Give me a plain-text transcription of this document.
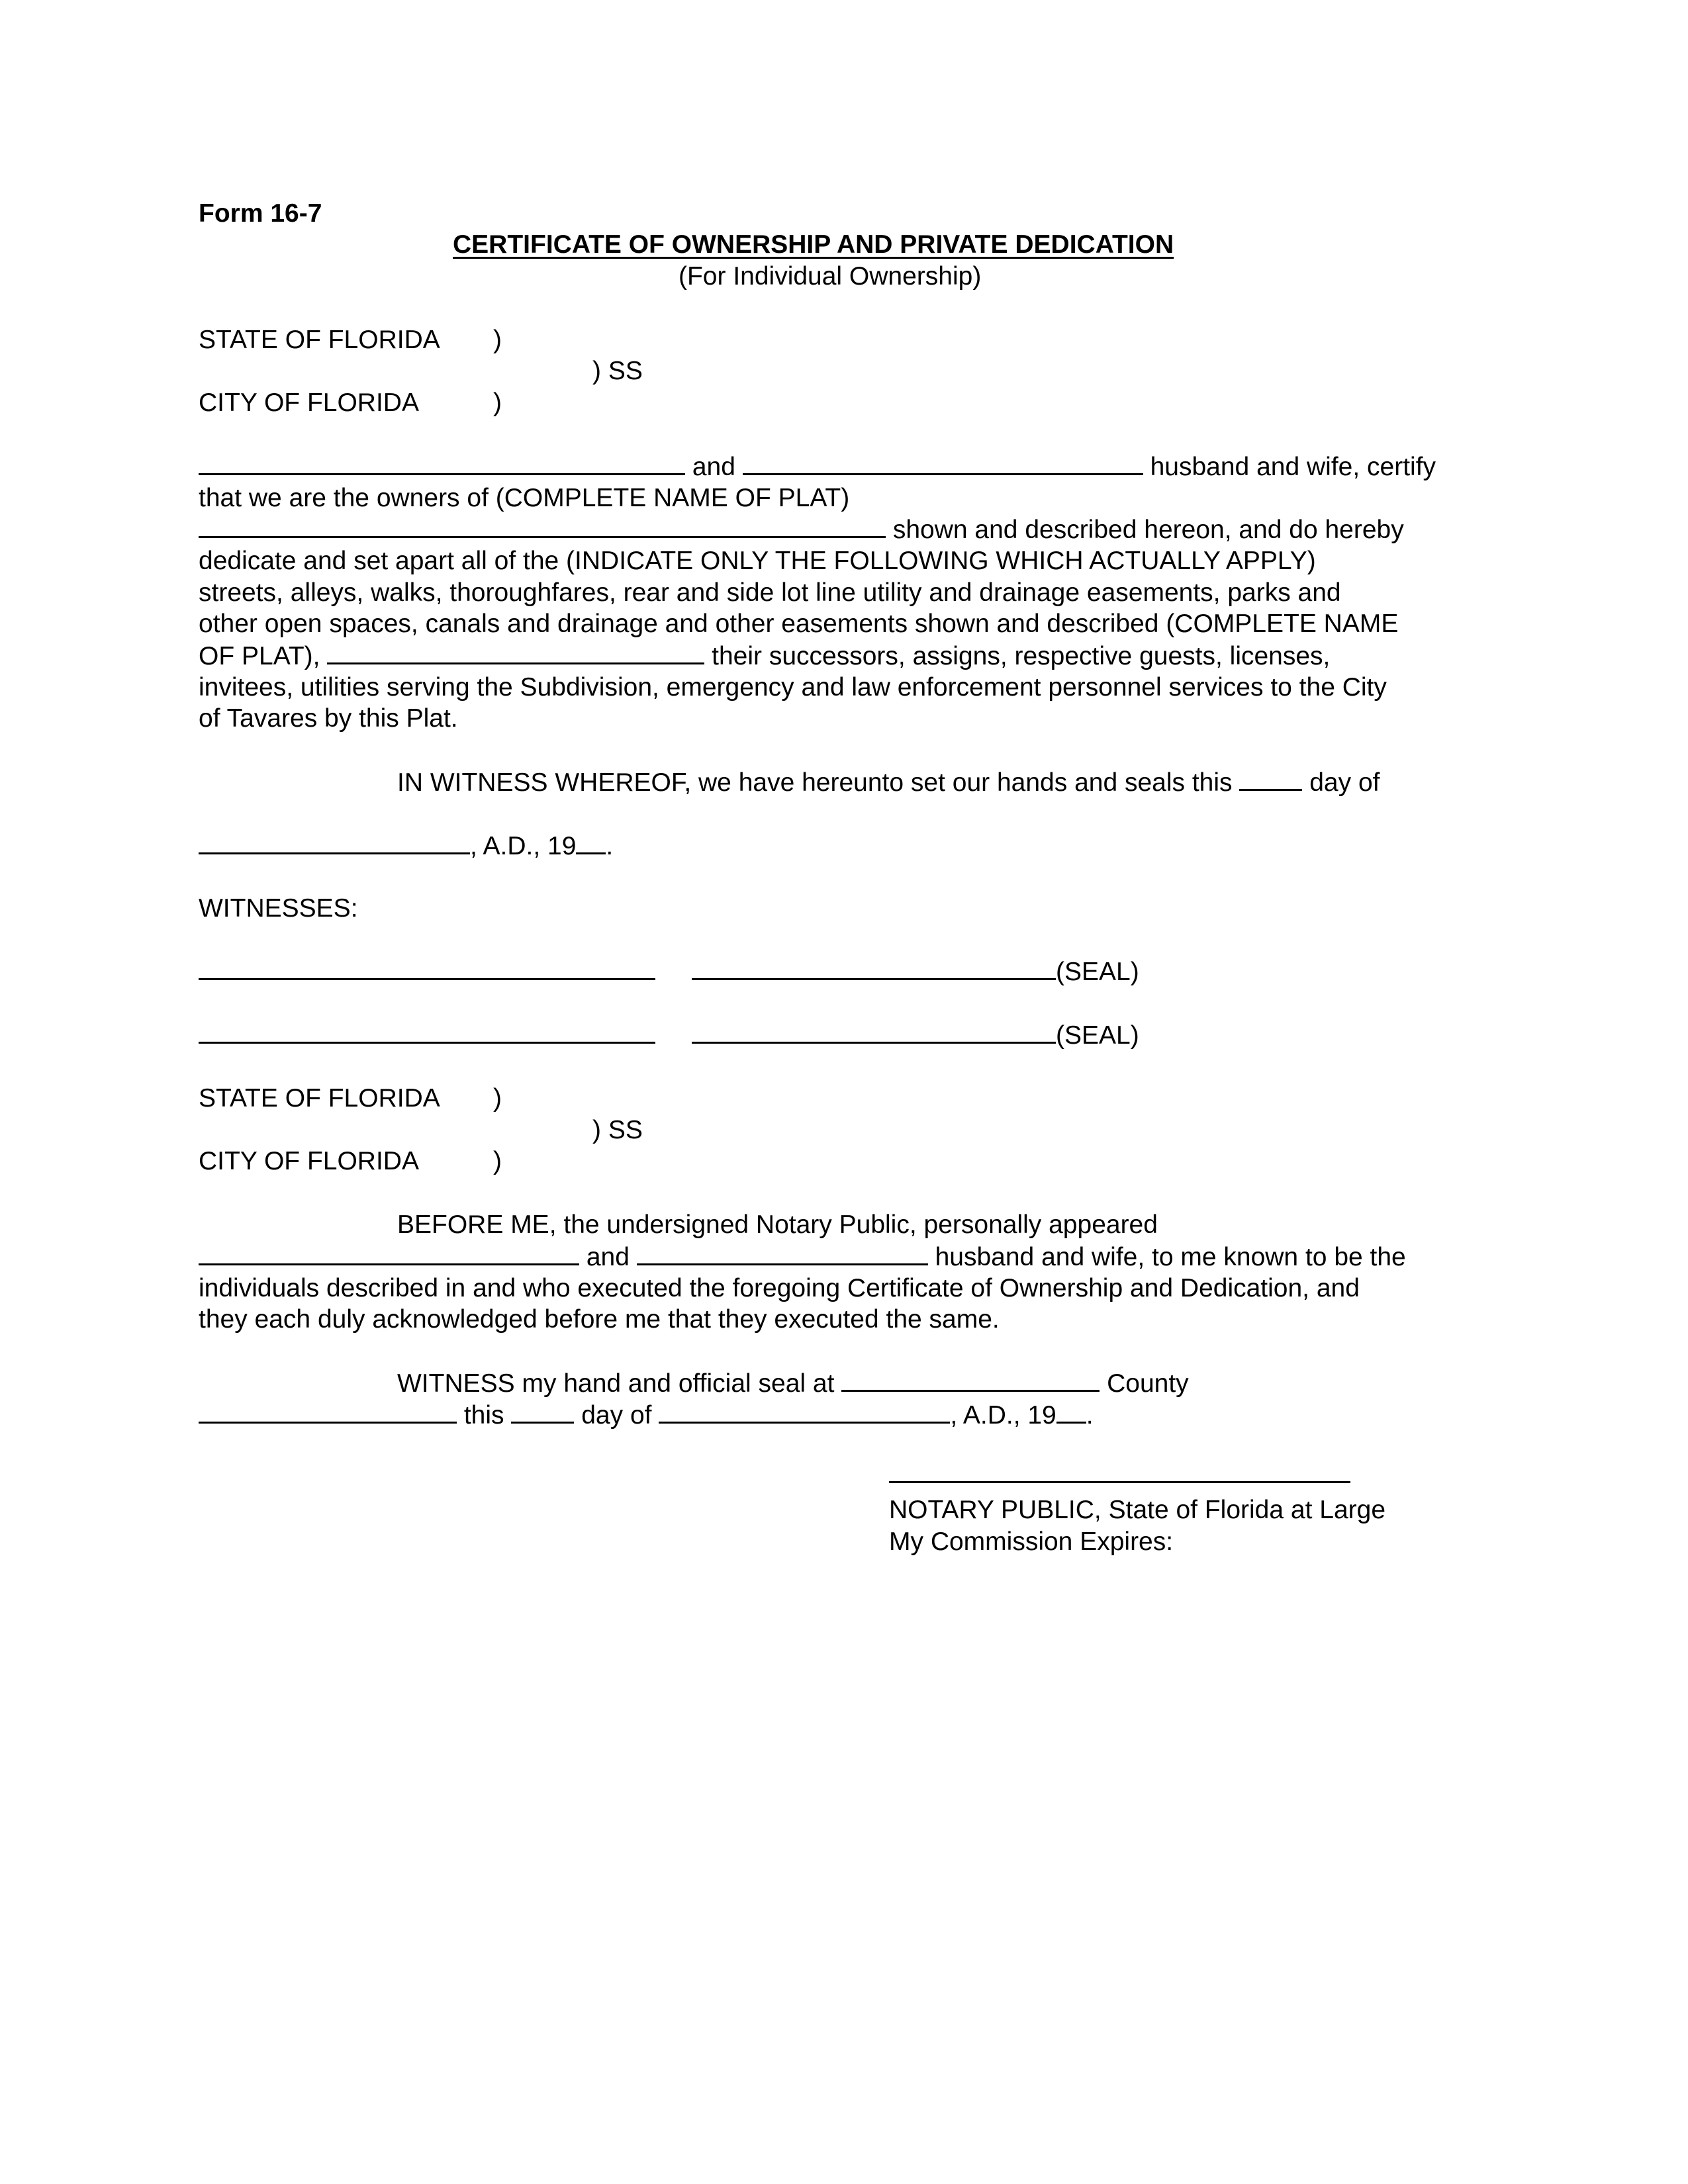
Form 16-7
CERTIFICATE OF OWNERSHIP AND PRIVATE DEDICATION
(For Individual Ownership)
STATE OF FLORIDA )
) SS
CITY OF FLORIDA	)
and	husband and wife, certify
that we are the owners of (COMPLETE NAME OF PLAT)
shown and described hereon, and do hereby
dedicate and set apart all of the (INDICATE ONLY THE FOLLOWING WHICH ACTUALLY APPLY)
streets, alleys, walks, thoroughfares, rear and side lot line utility and drainage easements, parks and
other open spaces, canals and drainage and other easements shown and described (COMPLETE NAME
OF PLAT),	their successors, assigns, respective guests, licenses,
invitees, utilities serving the Subdivision, emergency and law enforcement personnel services to the City
of Tavares by this Plat.
IN WITNESS WHEREOF, we have hereunto set our hands and seals this	day of
, A.D., 19 .
WITNESSES:
(SEAL)
(SEAL)
STATE OF FLORIDA )
) SS
CITY OF FLORIDA	)
BEFORE ME, the undersigned Notary Public, personally appeared
and	husband and wife, to me known to be the
individuals described in and who executed the foregoing Certificate of Ownership and Dedication, and
they each duly acknowledged before me that they executed the same.
WITNESS my hand and official seal at	County
this	day of	, A.D., 19 .
NOTARY PUBLIC, State of Florida at Large
My Commission Expires:
